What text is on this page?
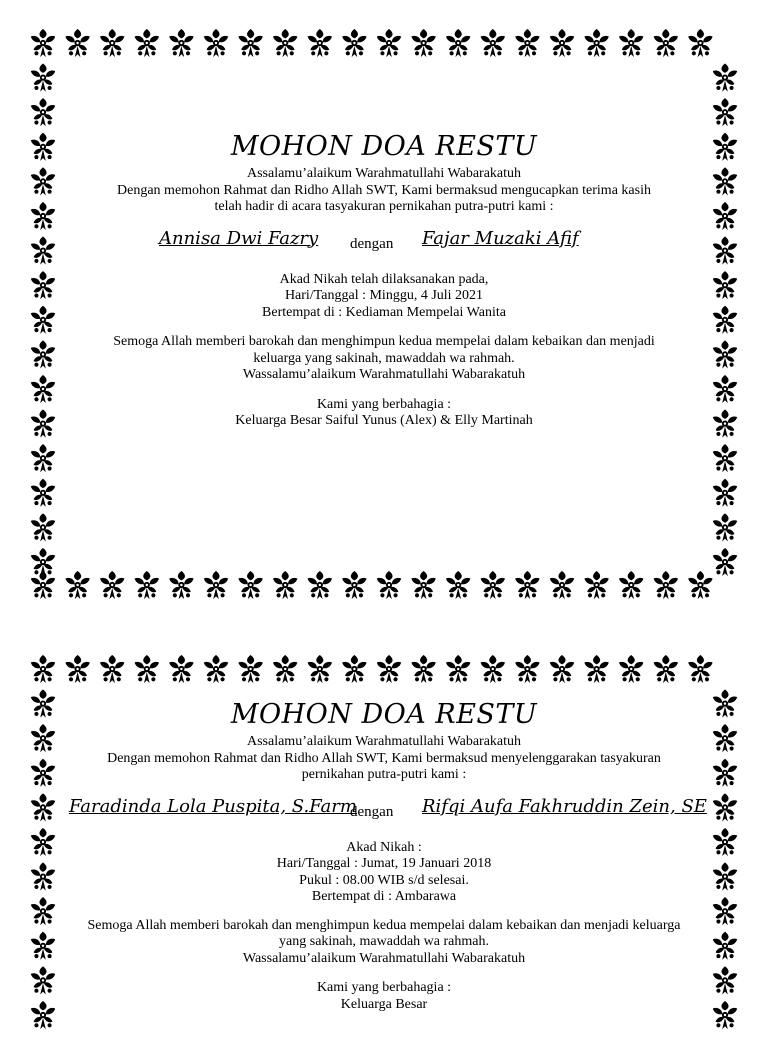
MOHON DOA RESTU
Assalamu’alaikum Warahmatullahi Wabarakatuh
Dengan memohon Rahmat dan Ridho Allah SWT, Kami bermaksud mengucapkan terima kasih
telah hadir di acara tasyakuran pernikahan putra-putri kami :
Annisa Dwi Fazry dengan Fajar Muzaki Afif
Akad Nikah telah dilaksanakan pada,
Hari/Tanggal : Minggu, 4 Juli 2021
Bertempat di : Kediaman Mempelai Wanita
Semoga Allah memberi barokah dan menghimpun kedua mempelai dalam kebaikan dan menjadi
keluarga yang sakinah, mawaddah wa rahmah.
Wassalamu’alaikum Warahmatullahi Wabarakatuh
Kami yang berbahagia :
Keluarga Besar Saiful Yunus (Alex) & Elly Martinah
MOHON DOA RESTU
Assalamu’alaikum Warahmatullahi Wabarakatuh
Dengan memohon Rahmat dan Ridho Allah SWT, Kami bermaksud menyelenggarakan tasyakuran
pernikahan putra-putri kami :
Faradinda Lola Puspita, S.Farm
dengan Rifqi Aufa Fakhruddin Zein, SE
Akad Nikah :
Hari/Tanggal : Jumat, 19 Januari 2018
Pukul : 08.00 WIB s/d selesai.
Bertempat di : Ambarawa
Semoga Allah memberi barokah dan menghimpun kedua mempelai dalam kebaikan dan menjadi keluarga
yang sakinah, mawaddah wa rahmah.
Wassalamu’alaikum Warahmatullahi Wabarakatuh
Kami yang berbahagia :
Keluarga Besar
